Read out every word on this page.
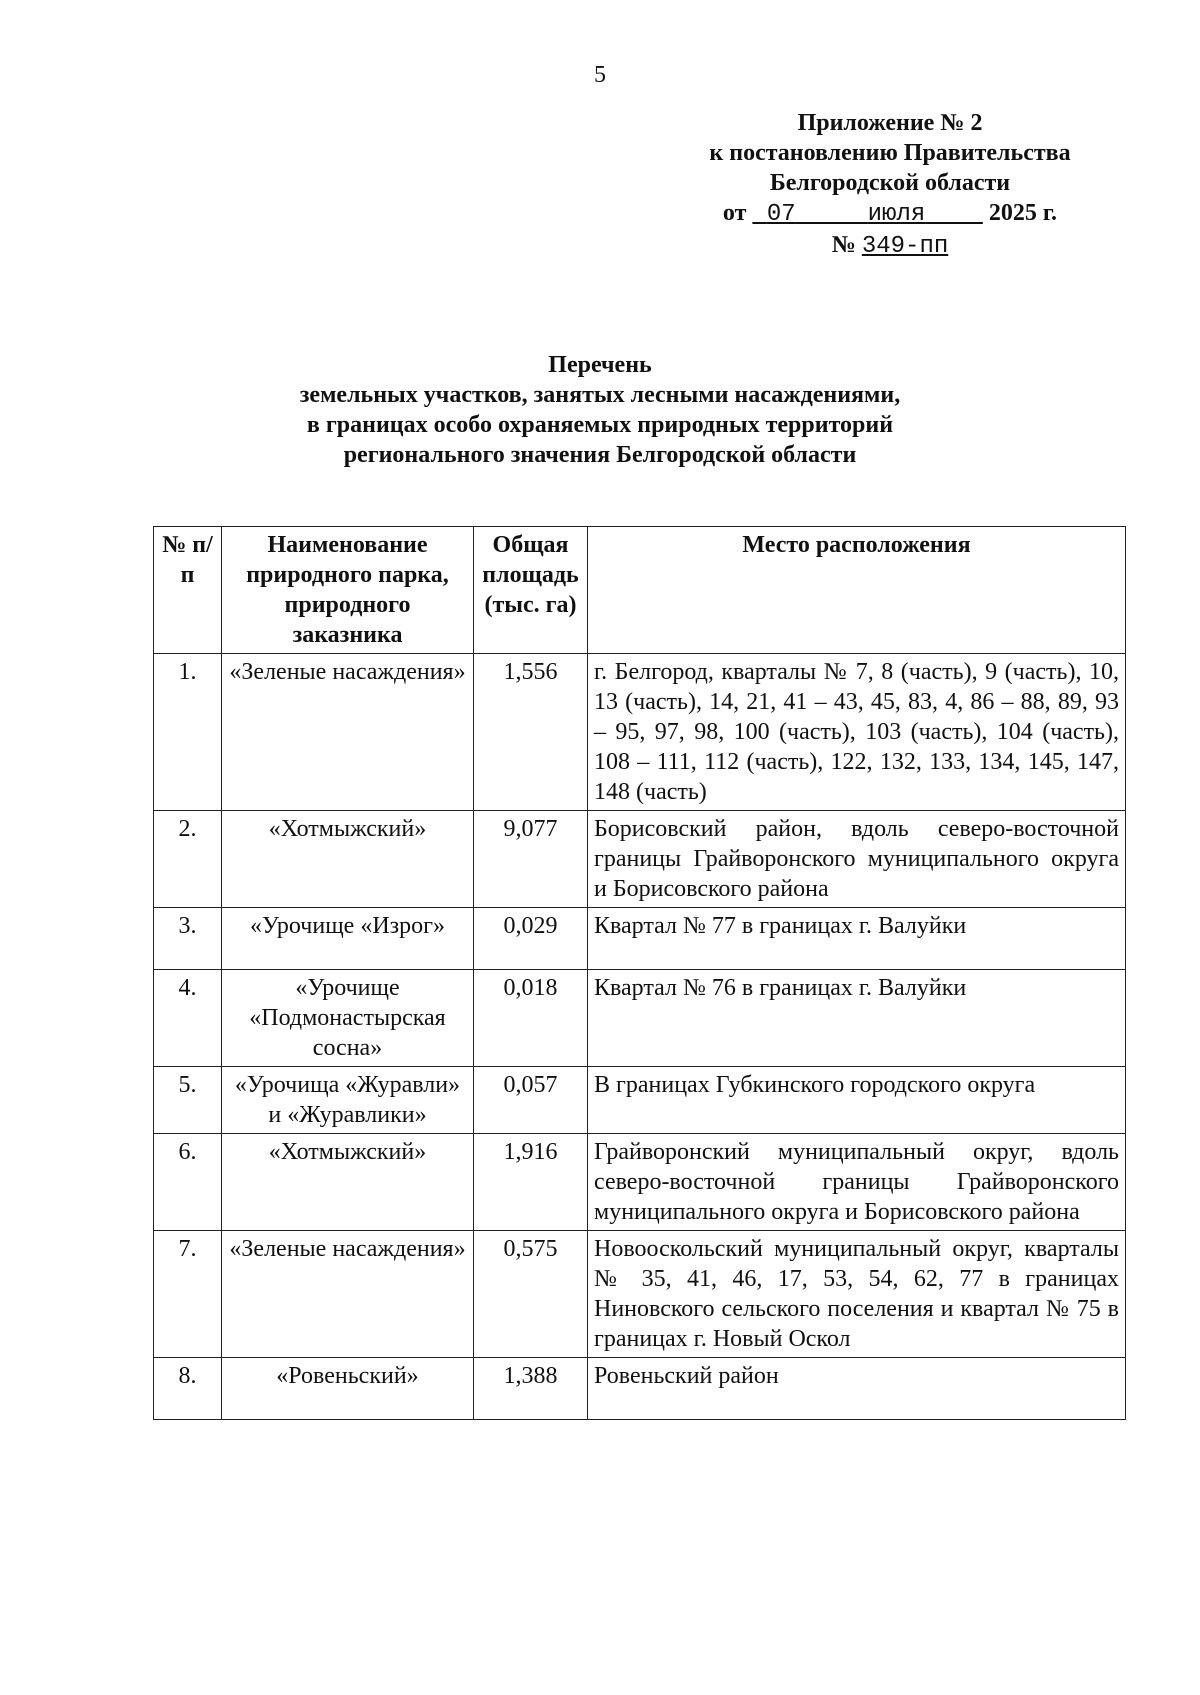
5
Приложение № 2
к постановлению Правительства
Белгородской области
от 07	июля	2025 г.
№ 349-пп
Перечень
земельных участков, занятых лесными насаждениями,
в границах особо охраняемых природных территорий
регионального значения Белгородской области
№ п/п	Наименование природного парка, природного заказника	Общая площадь (тыс. га)	Место расположения
1.	«Зеленые насаждения»	1,556	г. Белгород, кварталы № 7, 8 (часть), 9 (часть), 10, 13 (часть), 14, 21, 41 – 43, 45, 83, 4, 86 – 88, 89, 93 – 95, 97, 98, 100 (часть), 103 (часть), 104 (часть), 108 – 111, 112 (часть), 122, 132, 133, 134, 145, 147, 148 (часть)
2.	«Хотмыжский»	9,077	Борисовский район, вдоль северо-восточной границы Грайворонского муниципального округа и Борисовского района
3.	«Урочище «Изрог»	0,029	Квартал № 77 в границах г. Валуйки
4.	«Урочище «Подмонастырская сосна»	0,018	Квартал № 76 в границах г. Валуйки
5.	«Урочища «Журавли» и «Журавлики»	0,057	В границах Губкинского городского округа
6.	«Хотмыжский»	1,916	Грайворонский муниципальный округ, вдоль северо-восточной границы Грайворонского муниципального округа и Борисовского района
7.	«Зеленые насаждения»	0,575	Новооскольский муниципальный округ, кварталы № 35, 41, 46, 17, 53, 54, 62, 77 в границах Ниновского сельского поселения и квартал № 75 в границах г. Новый Оскол
8.	«Ровеньский»	1,388	Ровеньский район
